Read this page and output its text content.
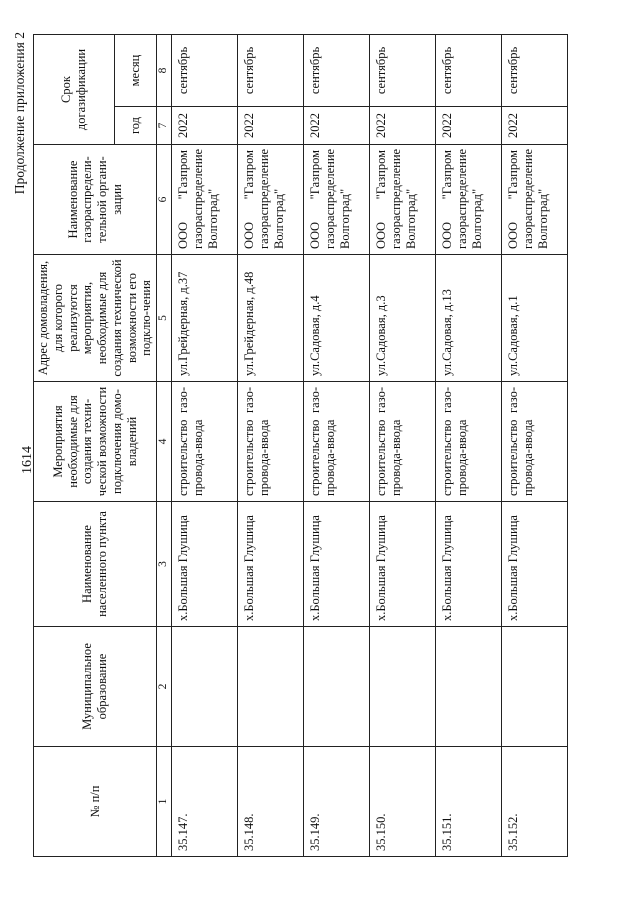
1614
Продолжение приложения 2
№ п/п	Муниципальное образование	Наименование населенного пункта	Мероприятия необходимые для создания техни-ческой возможности подключения домо-владений	Адрес домовладения, для которого реализуются мероприятия, необходимые для создания технической возможности его подклю-чения	Наименование газораспредели-тельной органи-зации	Срок догазификации	
						год	месяц
1	2	3	4	5	6	7	8
35.147.		х.Большая Глушица	строительство газо- провода-ввода	ул.Грейдерная, д.37	ООО "Газпром газораспределение Волгоград"	2022	сентябрь
35.148.		х.Большая Глушица	строительство газо- провода-ввода	ул.Грейдерная, д.48	ООО "Газпром газораспределение Волгоград"	2022	сентябрь
35.149.		х.Большая Глушица	строительство газо- провода-ввода	ул.Садовая, д.4	ООО "Газпром газораспределение Волгоград"	2022	сентябрь
35.150.		х.Большая Глушица	строительство газо- провода-ввода	ул.Садовая, д.3	ООО "Газпром газораспределение Волгоград"	2022	сентябрь
35.151.		х.Большая Глушица	строительство газо- провода-ввода	ул.Садовая, д.13	ООО "Газпром газораспределение Волгоград"	2022	сентябрь
35.152.		х.Большая Глушица	строительство газо- провода-ввода	ул.Садовая, д.1	ООО "Газпром газораспределение Волгоград"	2022	сентябрь
